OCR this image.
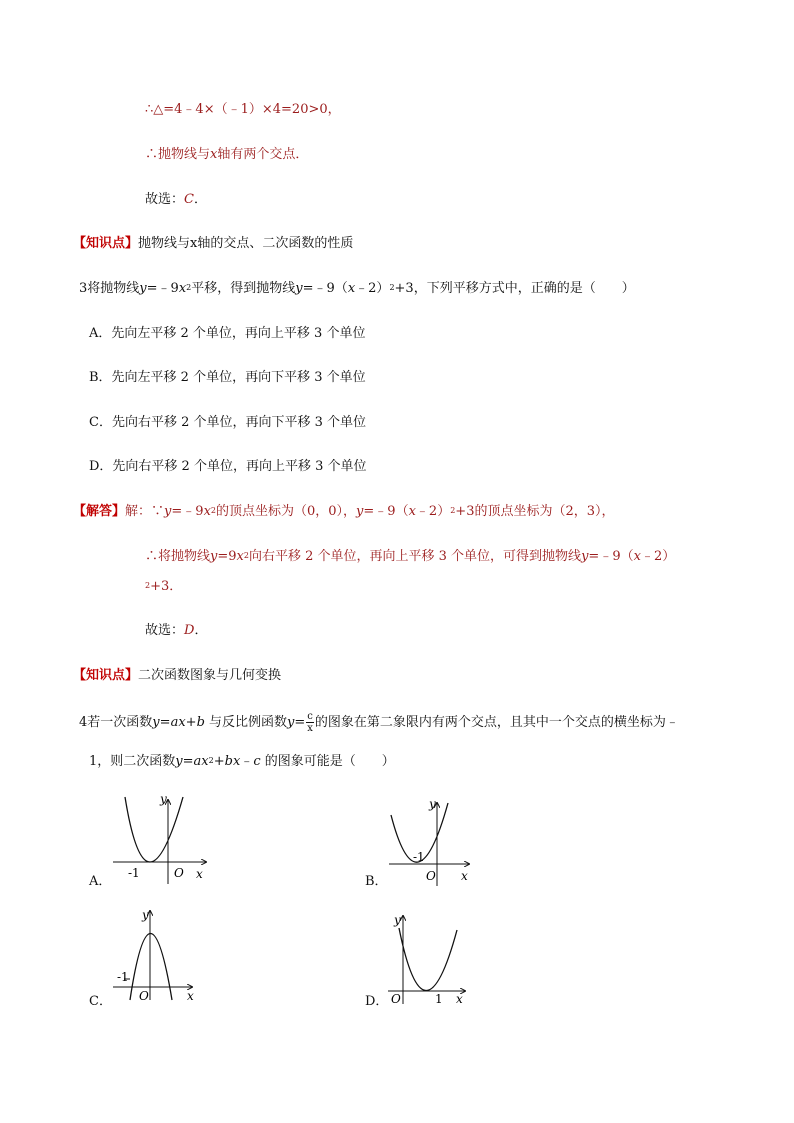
∴△=4﹣4×（﹣1）×4=20>0，
∴抛物线与x轴有两个交点．
故选：C．
【知识点】抛物线与x轴的交点、二次函数的性质
3将抛物线$y=﹣9x^2$平移，得到抛物线y=﹣9（x﹣2）$^2$+3，下列平移方式中，正确的是（　　）
A．先向左平移 2 个单位，再向上平移 3 个单位
B．先向左平移 2 个单位，再向下平移 3 个单位
C．先向右平移 2 个单位，再向下平移 3 个单位
D．先向右平移 2 个单位，再向上平移 3 个单位
【解答】解：$\because y=﹣9x^2$的顶点坐标为（0，0），y=﹣9（x﹣2）$^2$+3的顶点坐标为（2，3），
∴将抛物线$y=9x^2$向右平移 2 个单位，再向上平移 3 个单位，可得到抛物线y=﹣9（x﹣2）
$^2$+3．
故选：D．
【知识点】二次函数图象与几何变换
4若一次函数y=ax+b 与反比例函数$y= \frac{c}{x}$ 的图象在第二象限内有两个交点，且其中一个交点的横坐标为﹣
1，则二次函数$y=ax^2+bx﹣c$ 的图象可能是（　　）
A．
y
x
O
-1
B．
y
x
O
-1
C．
y
x
O
-1
D．
y
x
O	1
